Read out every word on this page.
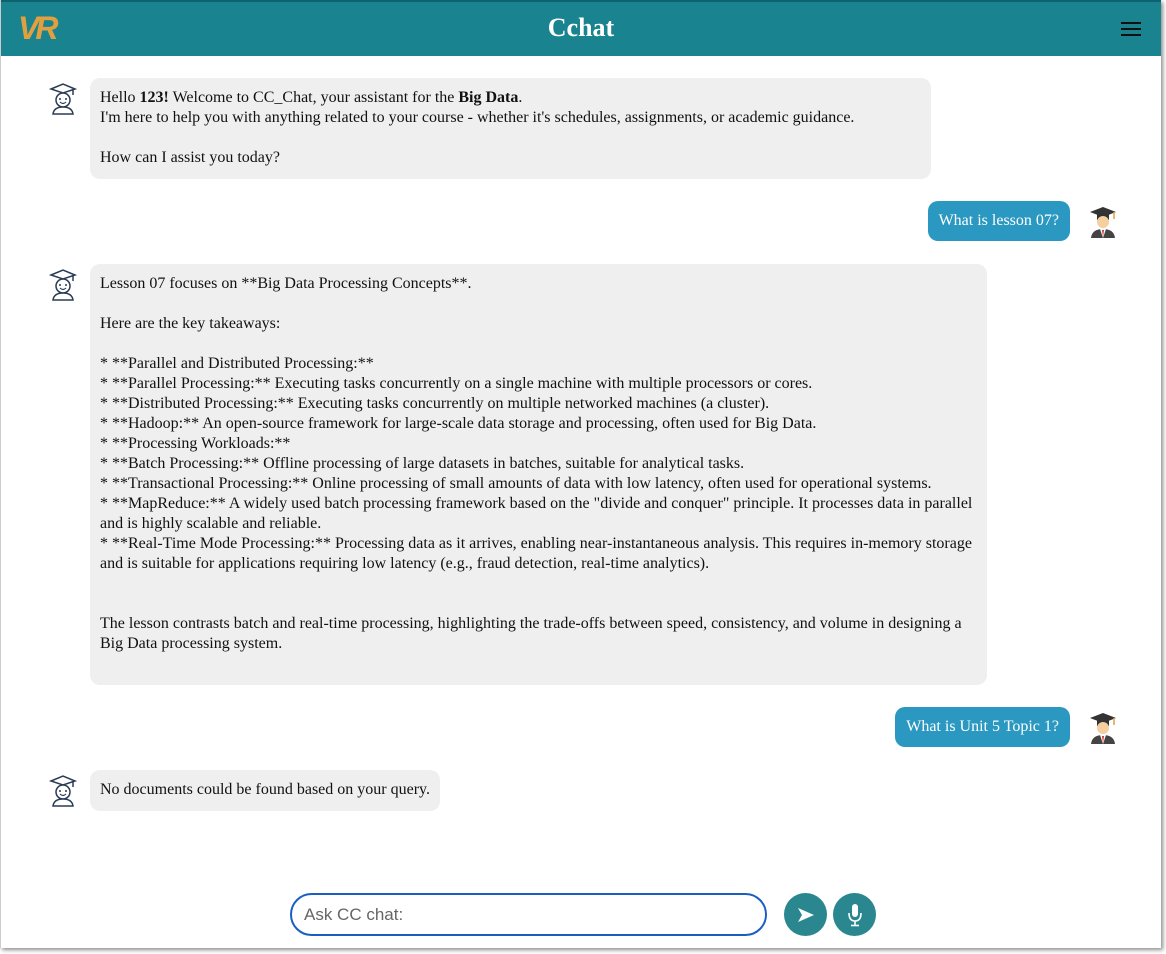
VR	Cchat
Hello 123! Welcome to CC_Chat, your assistant for the Big Data.
I'm here to help you with anything related to your course - whether it's schedules, assignments, or academic guidance.

How can I assist you today?
What is lesson 07?
Lesson 07 focuses on **Big Data Processing Concepts**.

Here are the key takeaways:

* **Parallel and Distributed Processing:**
* **Parallel Processing:** Executing tasks concurrently on a single machine with multiple processors or cores.
* **Distributed Processing:** Executing tasks concurrently on multiple networked machines (a cluster).
* **Hadoop:** An open-source framework for large-scale data storage and processing, often used for Big Data.
* **Processing Workloads:**
* **Batch Processing:** Offline processing of large datasets in batches, suitable for analytical tasks.
* **Transactional Processing:** Online processing of small amounts of data with low latency, often used for operational systems.
* **MapReduce:** A widely used batch processing framework based on the "divide and conquer" principle. It processes data in parallel and is highly scalable and reliable.
* **Real-Time Mode Processing:** Processing data as it arrives, enabling near-instantaneous analysis. This requires in-memory storage and is suitable for applications requiring low latency (e.g., fraud detection, real-time analytics).

The lesson contrasts batch and real-time processing, highlighting the trade-offs between speed, consistency, and volume in designing a Big Data processing system.
What is Unit 5 Topic 1?
No documents could be found based on your query.
Ask CC chat:
